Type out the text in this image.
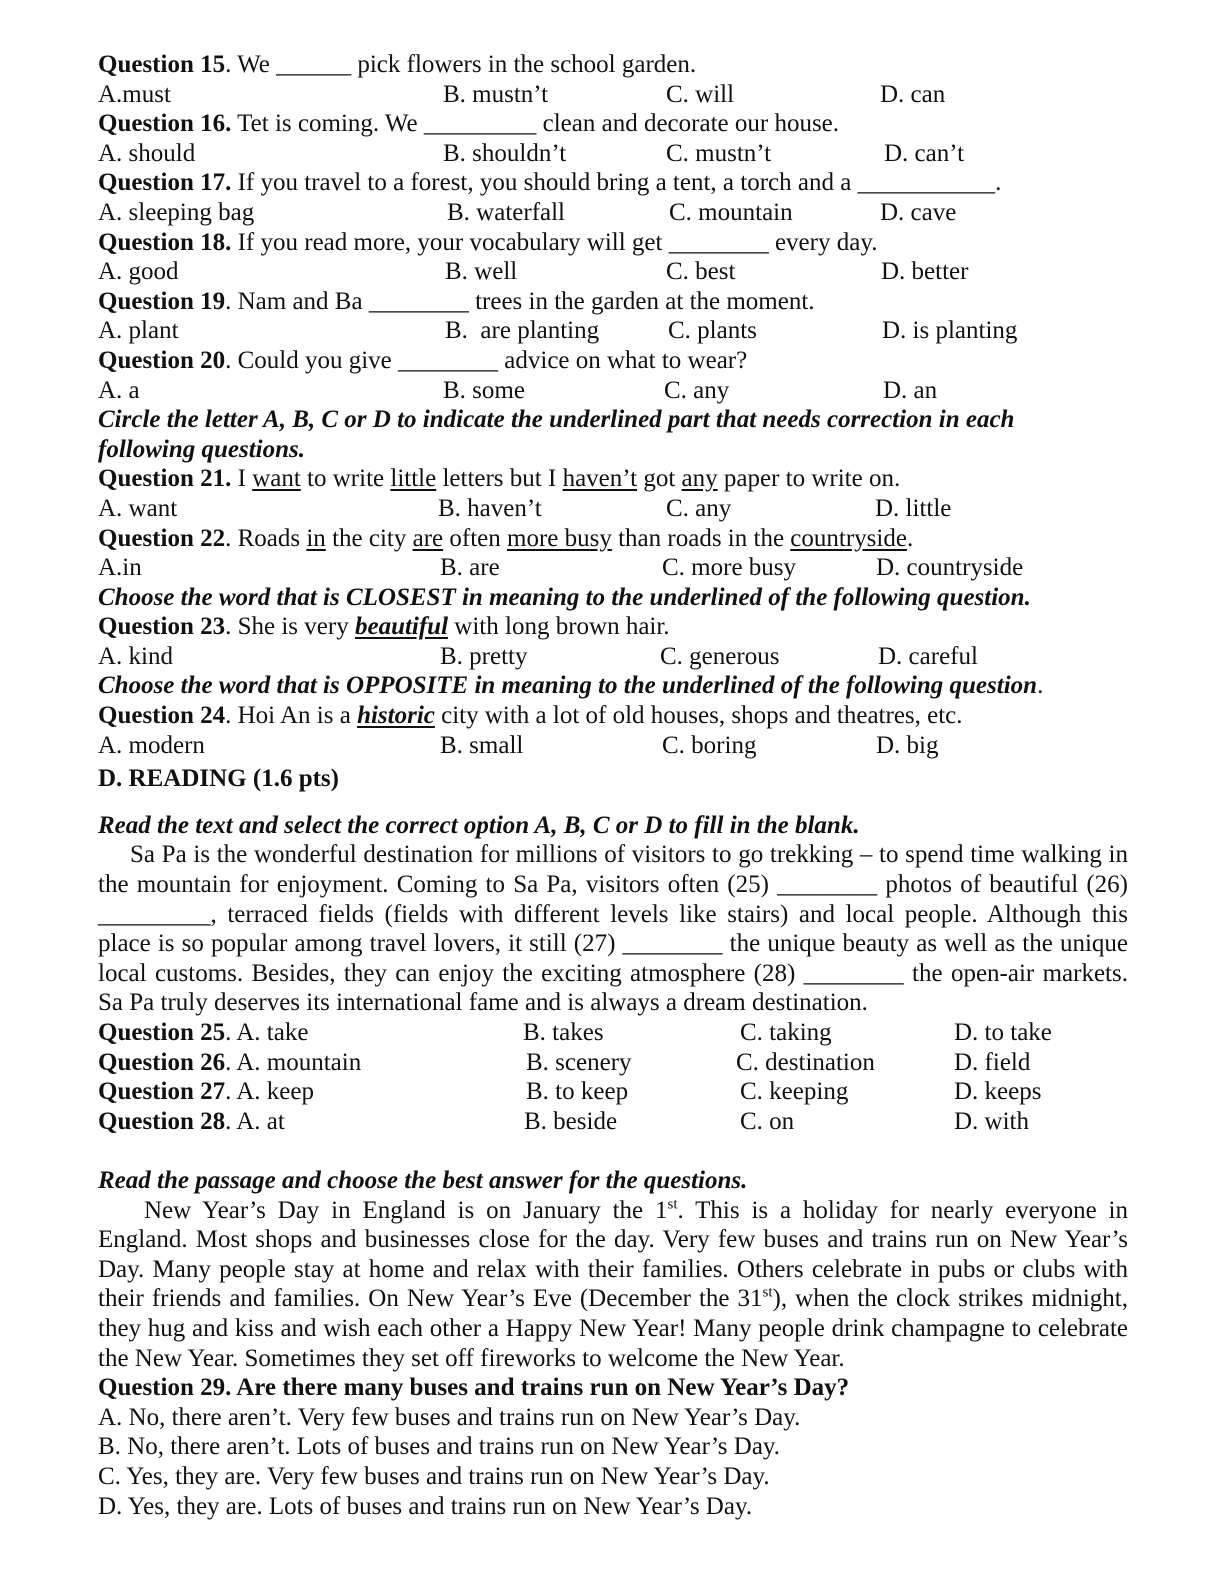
Question 15. We ______ pick flowers in the school garden.
A.must	B. mustn’t	C. will	D. can
Question 16. Tet is coming. We _________ clean and decorate our house.
A. should	B. shouldn’t	C. mustn’t	D. can’t
Question 17. If you travel to a forest, you should bring a tent, a torch and a ___________.
A. sleeping bag	B. waterfall	C. mountain	D. cave
Question 18. If you read more, your vocabulary will get ________ every day.
A. good	B. well	C. best	D. better
Question 19. Nam and Ba ________ trees in the garden at the moment.
A. plant	B.  are planting	C. plants	D. is planting
Question 20. Could you give ________ advice on what to wear?
A. a	B. some	C. any	D. an
Circle the letter A, B, C or D to indicate the underlined part that needs correction in each following questions.
Question 21. I want to write little letters but I haven’t got any paper to write on.
A. want	B. haven’t	C. any	D. little
Question 22. Roads in the city are often more busy than roads in the countryside.
A.in	B. are	C. more busy	D. countryside
Choose the word that is CLOSEST in meaning to the underlined of the following question.
Question 23. She is very beautiful with long brown hair.
A. kind	B. pretty	C. generous	D. careful
Choose the word that is OPPOSITE in meaning to the underlined of the following question.
Question 24. Hoi An is a historic city with a lot of old houses, shops and theatres, etc.
A. modern	B. small	C. boring	D. big
D. READING (1.6 pts)
Read the text and select the correct option A, B, C or D to fill in the blank.
Sa Pa is the wonderful destination for millions of visitors to go trekking – to spend time walking in the mountain for enjoyment. Coming to Sa Pa, visitors often (25) ________ photos of beautiful (26) _________, terraced fields (fields with different levels like stairs) and local people. Although this place is so popular among travel lovers, it still (27) ________ the unique beauty as well as the unique local customs. Besides, they can enjoy the exciting atmosphere (28) ________ the open-air markets. Sa Pa truly deserves its international fame and is always a dream destination.
Question 25. A. take	B. takes	C. taking	D. to take
Question 26. A. mountain	B. scenery	C. destination	D. field
Question 27. A. keep	B. to keep	C. keeping	D. keeps
Question 28. A. at	B. beside	C. on	D. with
Read the passage and choose the best answer for the questions.
New Year’s Day in England is on January the 1st. This is a holiday for nearly everyone in England. Most shops and businesses close for the day. Very few buses and trains run on New Year’s Day. Many people stay at home and relax with their families. Others celebrate in pubs or clubs with their friends and families. On New Year’s Eve (December the 31st), when the clock strikes midnight, they hug and kiss and wish each other a Happy New Year! Many people drink champagne to celebrate the New Year. Sometimes they set off fireworks to welcome the New Year.
Question 29. Are there many buses and trains run on New Year’s Day?
A. No, there aren’t. Very few buses and trains run on New Year’s Day.
B. No, there aren’t. Lots of buses and trains run on New Year’s Day.
C. Yes, they are. Very few buses and trains run on New Year’s Day.
D. Yes, they are. Lots of buses and trains run on New Year’s Day.
